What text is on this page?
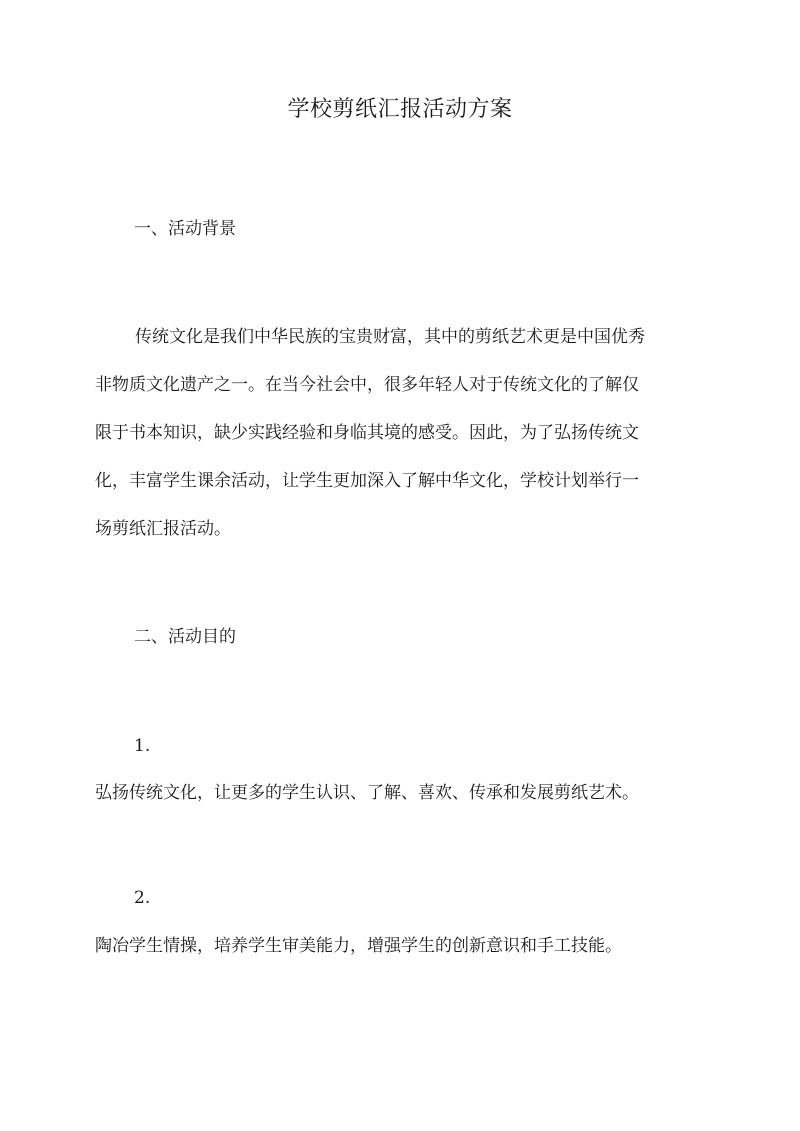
学校剪纸汇报活动方案
一、活动背景
传统文化是我们中华民族的宝贵财富，其中的剪纸艺术更是中国优秀
非物质文化遗产之一。在当今社会中，很多年轻人对于传统文化的了解仅
限于书本知识，缺少实践经验和身临其境的感受。因此，为了弘扬传统文
化，丰富学生课余活动，让学生更加深入了解中华文化，学校计划举行一
场剪纸汇报活动。
二、活动目的
1.
弘扬传统文化，让更多的学生认识、了解、喜欢、传承和发展剪纸艺术。
2.
陶冶学生情操，培养学生审美能力，增强学生的创新意识和手工技能。
